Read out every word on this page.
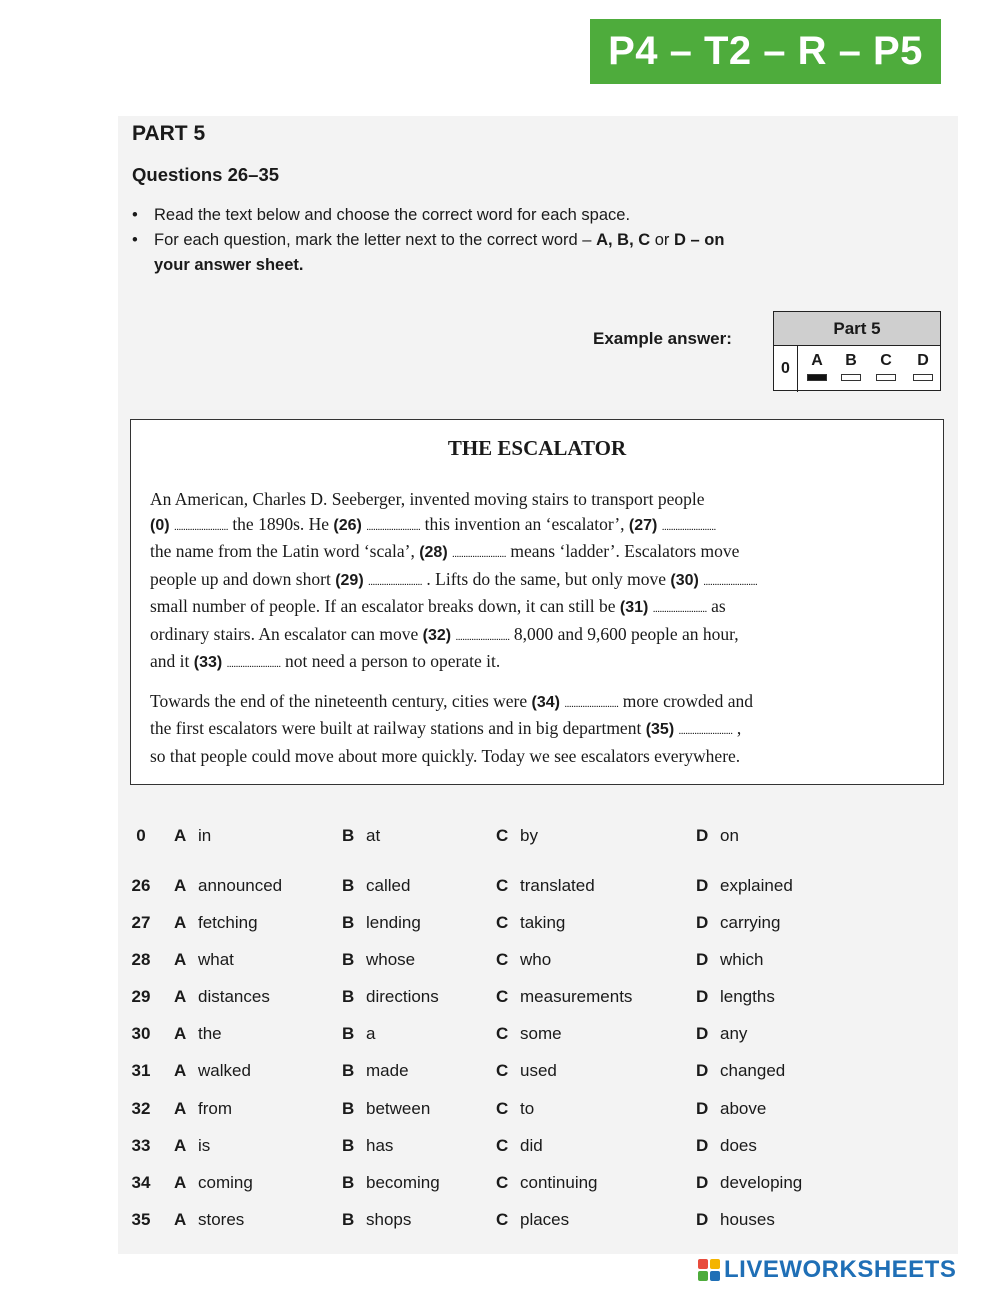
P4 – T2 – R – P5
PART 5
Questions 26–35
• Read the text below and choose the correct word for each space.
• For each question, mark the letter next to the correct word – A, B, C or D – on
your answer sheet.
Example answer:
Part 5
0	A	B	C	D
THE ESCALATOR

An American, Charles D. Seeberger, invented moving stairs to transport people
(0) ........................ the 1890s. He (26) ........................ this invention an ‘escalator’, (27) ........................
the name from the Latin word ‘scala’, (28) ........................ means ‘ladder’. Escalators move
people up and down short (29) ........................ . Lifts do the same, but only move (30) ........................
small number of people. If an escalator breaks down, it can still be (31) ........................ as
ordinary stairs. An escalator can move (32) ........................ 8,000 and 9,600 people an hour,
and it (33) ........................ not need a person to operate it.

Towards the end of the nineteenth century, cities were (34) ........................ more crowded and
the first escalators were built at railway stations and in big department (35) ........................ ,
so that people could move about more quickly. Today we see escalators everywhere.

0	A in	B at	C by	D on
26	A announced	B called	C translated	D explained
27	A fetching	B lending	C taking	D carrying
28	A what	B whose	C who	D which
29	A distances	B directions	C measurements	D lengths
30	A the	B a	C some	D any
31	A walked	B made	C used	D changed
32	A from	B between	C to	D above
33	A is	B has	C did	D does
34	A coming	B becoming	C continuing	D developing
35	A stores	B shops	C places	D houses
LIVEWORKSHEETS
